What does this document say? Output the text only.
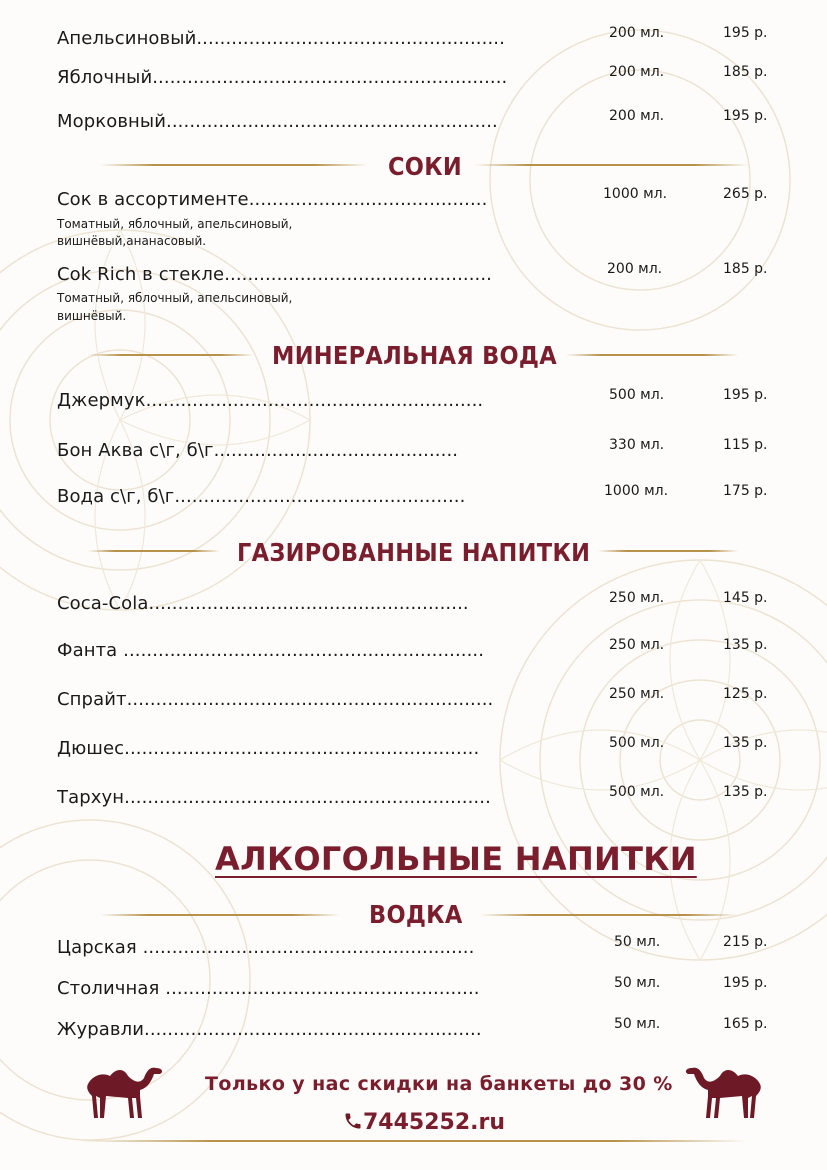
Апельсиновый.....................................................	200 мл.	195 р.
Яблочный.............................................................	200 мл.	185 р.
Морковный.........................................................	200 мл.	195 р.
СОКИ
Сок в ассортименте.........................................	1000 мл.	265 р.
Томатный, яблочный, апельсиновый,
вишнёвый,ананасовый.
Сok Rich в стекле..............................................	200 мл.	185 р.
Томатный, яблочный, апельсиновый,
вишнёвый.
МИНЕРАЛЬНАЯ ВОДА
Джермук..........................................................	500 мл.	195 р.
Бон Аква с\г, б\г..........................................	330 мл.	115 р.
Вода с\г, б\г..................................................	1000 мл.	175 р.
ГАЗИРОВАННЫЕ НАПИТКИ
Coca-Cola.......................................................	250 мл.	145 р.
Фанта ..............................................................	250 мл.	135 р.
Спрайт...............................................................	250 мл.	125 р.
Дюшес.............................................................	500 мл.	135 р.
Тархун...............................................................	500 мл.	135 р.
АЛКОГОЛЬНЫЕ НАПИТКИ
ВОДКА
Царская .........................................................	50 мл.	215 р.
Столичная ......................................................	50 мл.	195 р.
Журавли..........................................................	50 мл.	165 р.
Только у нас скидки на банкеты до 30 %
7445252.ru
